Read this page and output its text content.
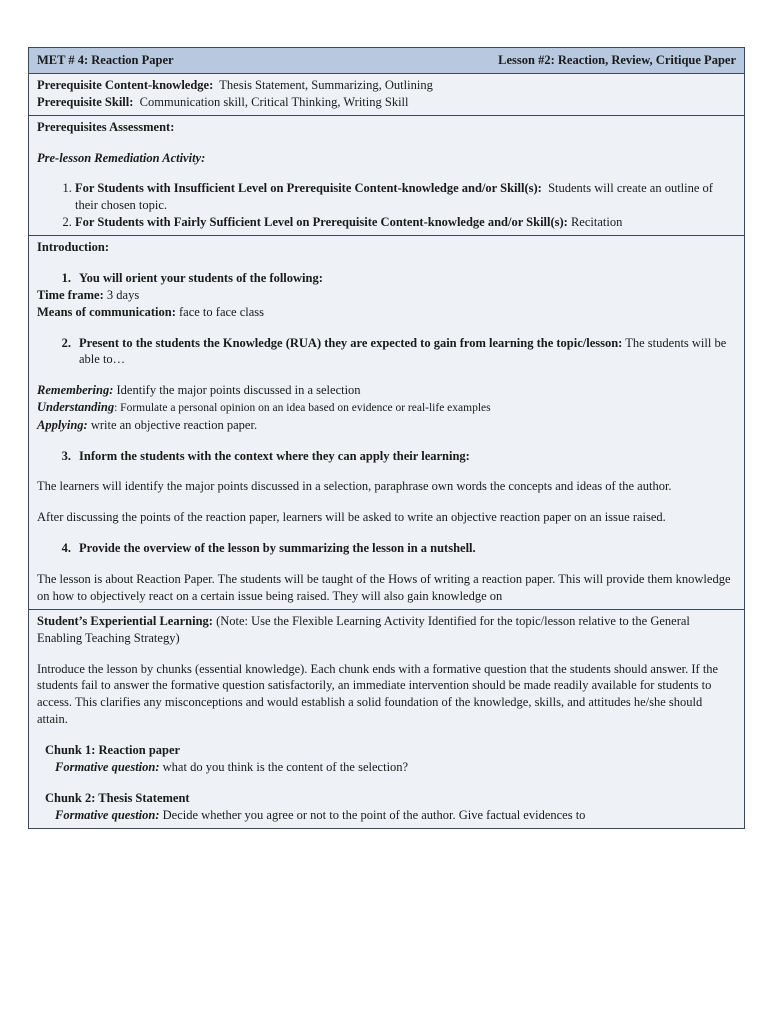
MET # 4: Reaction Paper	Lesson #2: Reaction, Review, Critique Paper

Prerequisite Content-knowledge: Thesis Statement, Summarizing, Outlining
Prerequisite Skill: Communication skill, Critical Thinking, Writing Skill

Prerequisites Assessment:
Pre-lesson Remediation Activity:
1. For Students with Insufficient Level on Prerequisite Content-knowledge and/or Skill(s): Students will create an outline of their chosen topic.
2. For Students with Fairly Sufficient Level on Prerequisite Content-knowledge and/or Skill(s): Recitation

Introduction:
1. You will orient your students of the following:
Time frame: 3 days
Means of communication: face to face class
2. Present to the students the Knowledge (RUA) they are expected to gain from learning the topic/lesson: The students will be able to…
Remembering: Identify the major points discussed in a selection
Understanding: Formulate a personal opinion on an idea based on evidence or real-life examples
Applying: write an objective reaction paper.
3. Inform the students with the context where they can apply their learning:
The learners will identify the major points discussed in a selection, paraphrase own words the concepts and ideas of the author.
After discussing the points of the reaction paper, learners will be asked to write an objective reaction paper on an issue raised.
4. Provide the overview of the lesson by summarizing the lesson in a nutshell.
The lesson is about Reaction Paper. The students will be taught of the Hows of writing a reaction paper. This will provide them knowledge on how to objectively react on a certain issue being raised. They will also gain knowledge on

Student’s Experiential Learning: (Note: Use the Flexible Learning Activity Identified for the topic/lesson relative to the General Enabling Teaching Strategy)
Introduce the lesson by chunks (essential knowledge). Each chunk ends with a formative question that the students should answer. If the students fail to answer the formative question satisfactorily, an immediate intervention should be made readily available for students to access. This clarifies any misconceptions and would establish a solid foundation of the knowledge, skills, and attitudes he/she should attain.
Chunk 1: Reaction paper
Formative question: what do you think is the content of the selection?
Chunk 2: Thesis Statement
Formative question: Decide whether you agree or not to the point of the author. Give factual evidences to
